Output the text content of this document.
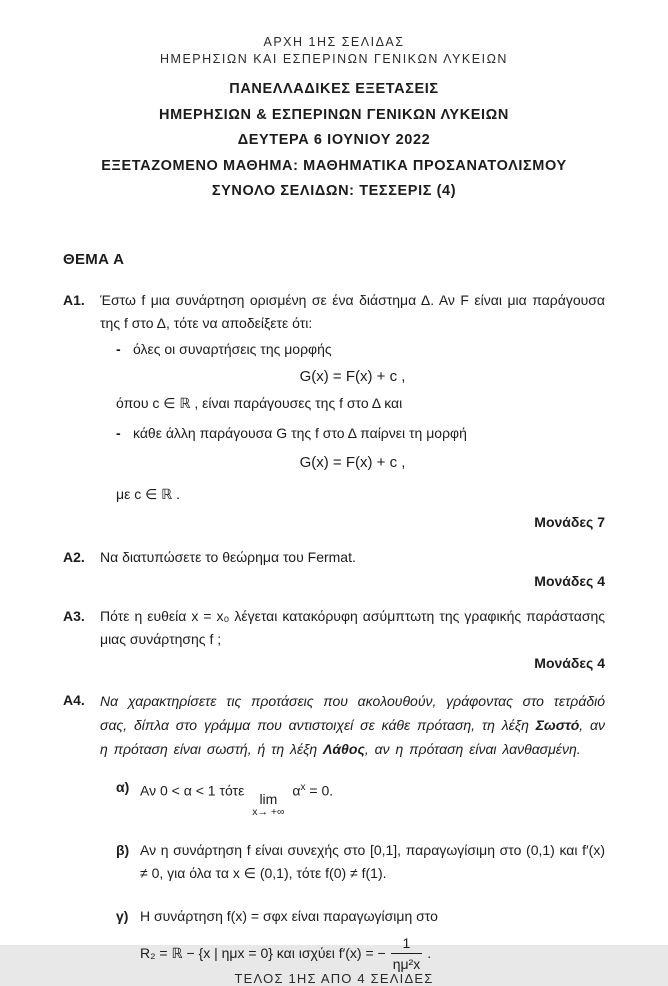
ΑΡΧΗ 1ΗΣ ΣΕΛΙΔΑΣ
ΗΜΕΡΗΣΙΩΝ ΚΑΙ ΕΣΠΕΡΙΝΩΝ ΓΕΝΙΚΩΝ ΛΥΚΕΙΩΝ
ΠΑΝΕΛΛΑΔΙΚΕΣ ΕΞΕΤΑΣΕΙΣ
ΗΜΕΡΗΣΙΩΝ & ΕΣΠΕΡΙΝΩΝ ΓΕΝΙΚΩΝ ΛΥΚΕΙΩΝ
ΔΕΥΤΕΡΑ 6 ΙΟΥΝΙΟΥ 2022
ΕΞΕΤΑΖΟΜΕΝΟ ΜΑΘΗΜΑ: ΜΑΘΗΜΑΤΙΚΑ ΠΡΟΣΑΝΑΤΟΛΙΣΜΟΥ
ΣΥΝΟΛΟ ΣΕΛΙΔΩΝ: ΤΕΣΣΕΡΙΣ (4)
ΘΕΜΑ Α
Α1.	Έστω f μια συνάρτηση ορισμένη σε ένα διάστημα Δ. Αν F είναι μια παράγουσα της f στο Δ, τότε να αποδείξετε ότι:

- όλες οι συναρτήσεις της μορφής
G(x) = F(x) + c ,

όπου c ∈ ℝ , είναι παράγουσες της f στο Δ και

- κάθε άλλη παράγουσα G της f στο Δ παίρνει τη μορφή
G(x) = F(x) + c ,

με c ∈ ℝ .

Μονάδες 7
Α2.	Να διατυπώσετε το θεώρημα του Fermat.

Μονάδες 4
Α3.	Πότε η ευθεία x = x₀ λέγεται κατακόρυφη ασύμπτωτη της γραφικής παράστασης μιας συνάρτησης f ;

Μονάδες 4
Α4.	Να χαρακτηρίσετε τις προτάσεις που ακολουθούν, γράφοντας στο τετράδιό σας, δίπλα στο γράμμα που αντιστοιχεί σε κάθε πρόταση, τη λέξη Σωστό, αν η πρόταση είναι σωστή, ή τη λέξη Λάθος, αν η πρόταση είναι λανθασμένη.

α) Αν 0 < α < 1 τότε
lim
x→ +∞
$\alpha^x = 0$.
β) Αν η συνάρτηση f είναι συνεχής στο [0,1], παραγωγίσιμη στο (0,1) και f′(x) ≠ 0, για όλα τα x ∈ (0,1), τότε f(0) ≠ f(1).
γ) Η συνάρτηση f(x) = σφx είναι παραγωγίσιμη στο
R₂ = ℝ − {x | ημx = 0} και ισχύει f′(x) = − $\frac{1}{\text{ημ²x}}$ .
ΤΕΛΟΣ 1ΗΣ ΑΠΟ 4 ΣΕΛΙΔΕΣ
